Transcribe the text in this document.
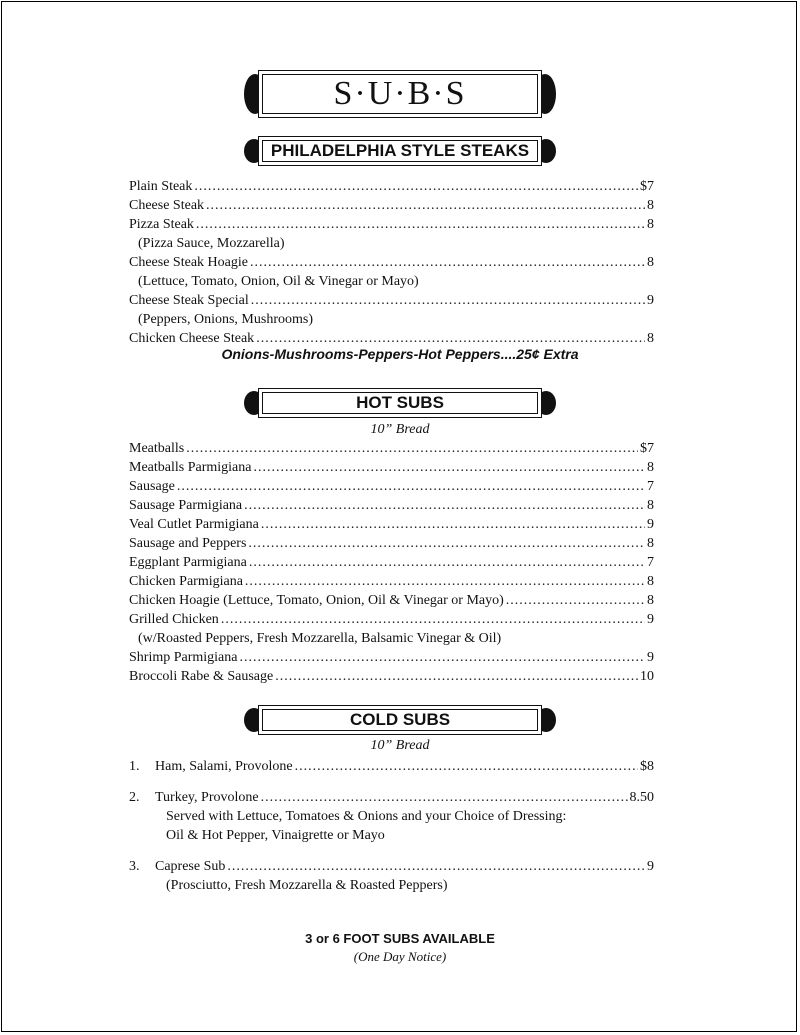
S·U·B·S
PHILADELPHIA STYLE STEAKS
Plain Steak .....	$7
Cheese Steak .....	8
Pizza Steak .....	8
(Pizza Sauce, Mozzarella)
Cheese Steak Hoagie .....	8
(Lettuce, Tomato, Onion, Oil & Vinegar or Mayo)
Cheese Steak Special .....	9
(Peppers, Onions, Mushrooms)
Chicken Cheese Steak .....	8
Onions-Mushrooms-Peppers-Hot Peppers....25¢ Extra
HOT SUBS
10” Bread
Meatballs .....	$7
Meatballs Parmigiana .....	8
Sausage .....	7
Sausage Parmigiana .....	8
Veal Cutlet Parmigiana .....	9
Sausage and Peppers .....	8
Eggplant Parmigiana .....	7
Chicken Parmigiana .....	8
Chicken Hoagie (Lettuce, Tomato, Onion, Oil & Vinegar or Mayo) .....	8
Grilled Chicken .....	9
(w/Roasted Peppers, Fresh Mozzarella, Balsamic Vinegar & Oil)
Shrimp Parmigiana .....	9
Broccoli Rabe & Sausage .....	10
COLD SUBS
10” Bread
1.	Ham, Salami, Provolone .....	$8
2.	Turkey, Provolone .....	8.50
Served with Lettuce, Tomatoes & Onions and your Choice of Dressing:
Oil & Hot Pepper, Vinaigrette or Mayo
3.	Caprese Sub .....	9
(Prosciutto, Fresh Mozzarella & Roasted Peppers)
3 or 6 FOOT SUBS AVAILABLE
(One Day Notice)
